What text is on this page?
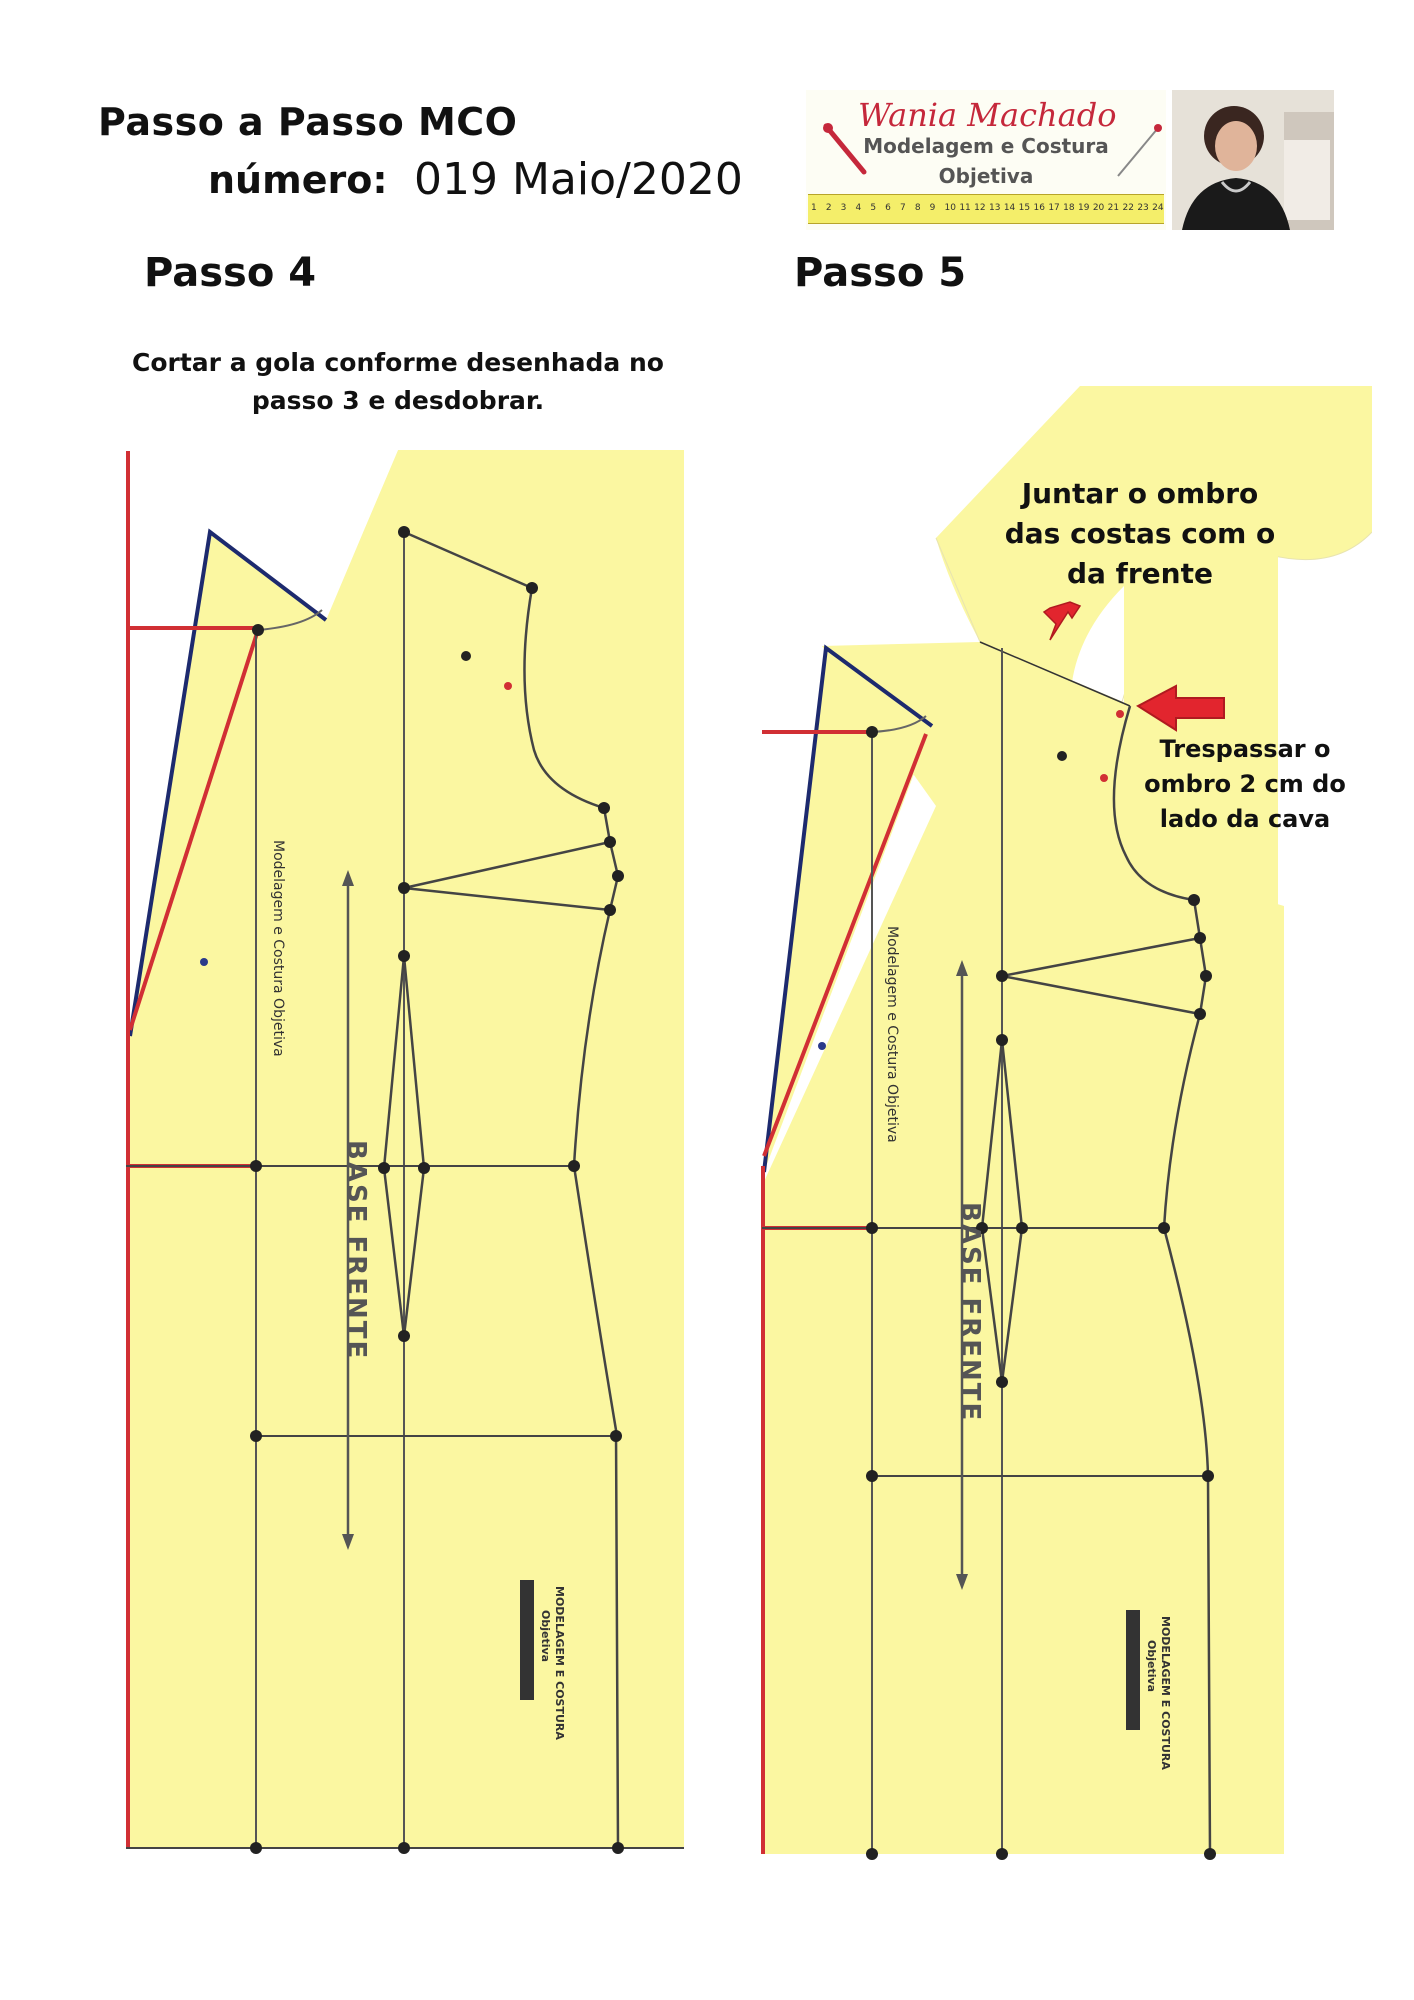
Passo a Passo MCO
número: 019 Maio/2020
Wania Machado
Modelagem e Costura
Objetiva
1 2 3 4 5 6 7 8 9 10 11 12 13 14 15 16 17 18 19 20 21 22 23 24
Passo 4	Passo 5
Cortar a gola conforme desenhada no passo 3 e desdobrar.
Modelagem e Costura Objetiva
BASE FRENTE
MODELAGEM E COSTURA
Objetiva
Modelagem e Costura Objetiva
BASE FRENTE
MODELAGEM E COSTURA
Objetiva
Juntar o ombro das costas com o da frente
Trespassar o ombro 2 cm do lado da cava
